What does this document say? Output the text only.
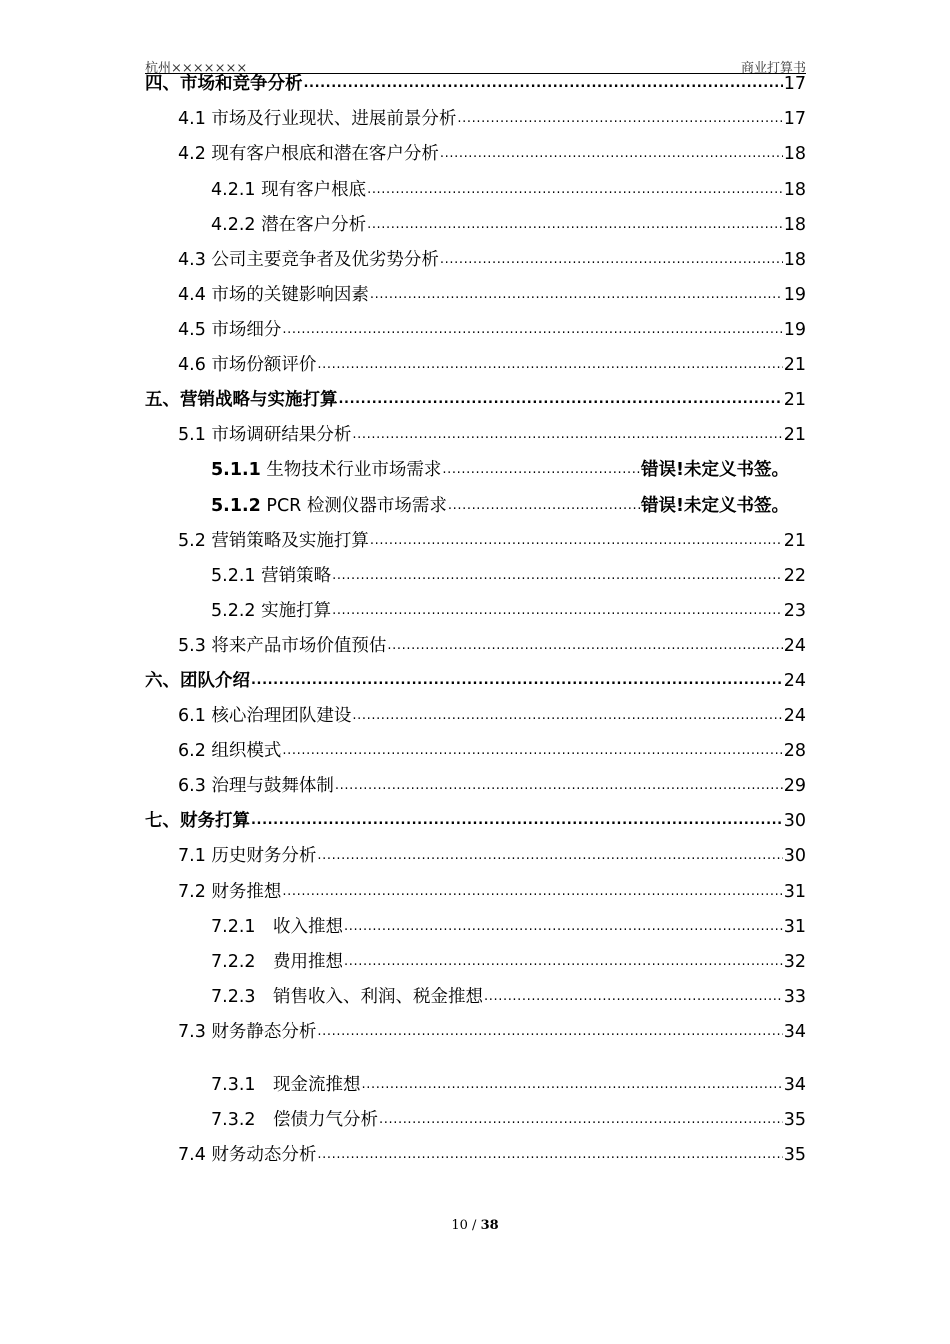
杭州×××××××	商业打算书
四、市场和竞争分析 .....	17
4.1 市场及行业现状、进展前景分析 .....	17
4.2 现有客户根底和潜在客户分析 .....	18
4.2.1 现有客户根底 .....	18
4.2.2 潜在客户分析 .....	18
4.3 公司主要竞争者及优劣势分析 .....	18
4.4 市场的关键影响因素 .....	19
4.5 市场细分 .....	19
4.6 市场份额评价 .....	21
五、营销战略与实施打算 .....	21
5.1 市场调研结果分析 .....	21
5.1.1 生物技术行业市场需求 .....	错误!未定义书签。
5.1.2 PCR 检测仪器市场需求 .....	错误!未定义书签。
5.2 营销策略及实施打算 .....	21
5.2.1 营销策略 .....	22
5.2.2 实施打算 .....	23
5.3 将来产品市场价值预估 .....	24
六、团队介绍 .....	24
6.1 核心治理团队建设 .....	24
6.2 组织模式 .....	28
6.3 治理与鼓舞体制 .....	29
七、财务打算 .....	30
7.1 历史财务分析 .....	30
7.2 财务推想 .....	31
7.2.1　收入推想 .....	31
7.2.2　费用推想 .....	32
7.2.3　销售收入、利润、税金推想 .....	33
7.3 财务静态分析 .....	34
7.3.1　现金流推想 .....	34
7.3.2　偿债力气分析 .....	35
7.4 财务动态分析 .....	35
10 / 38
